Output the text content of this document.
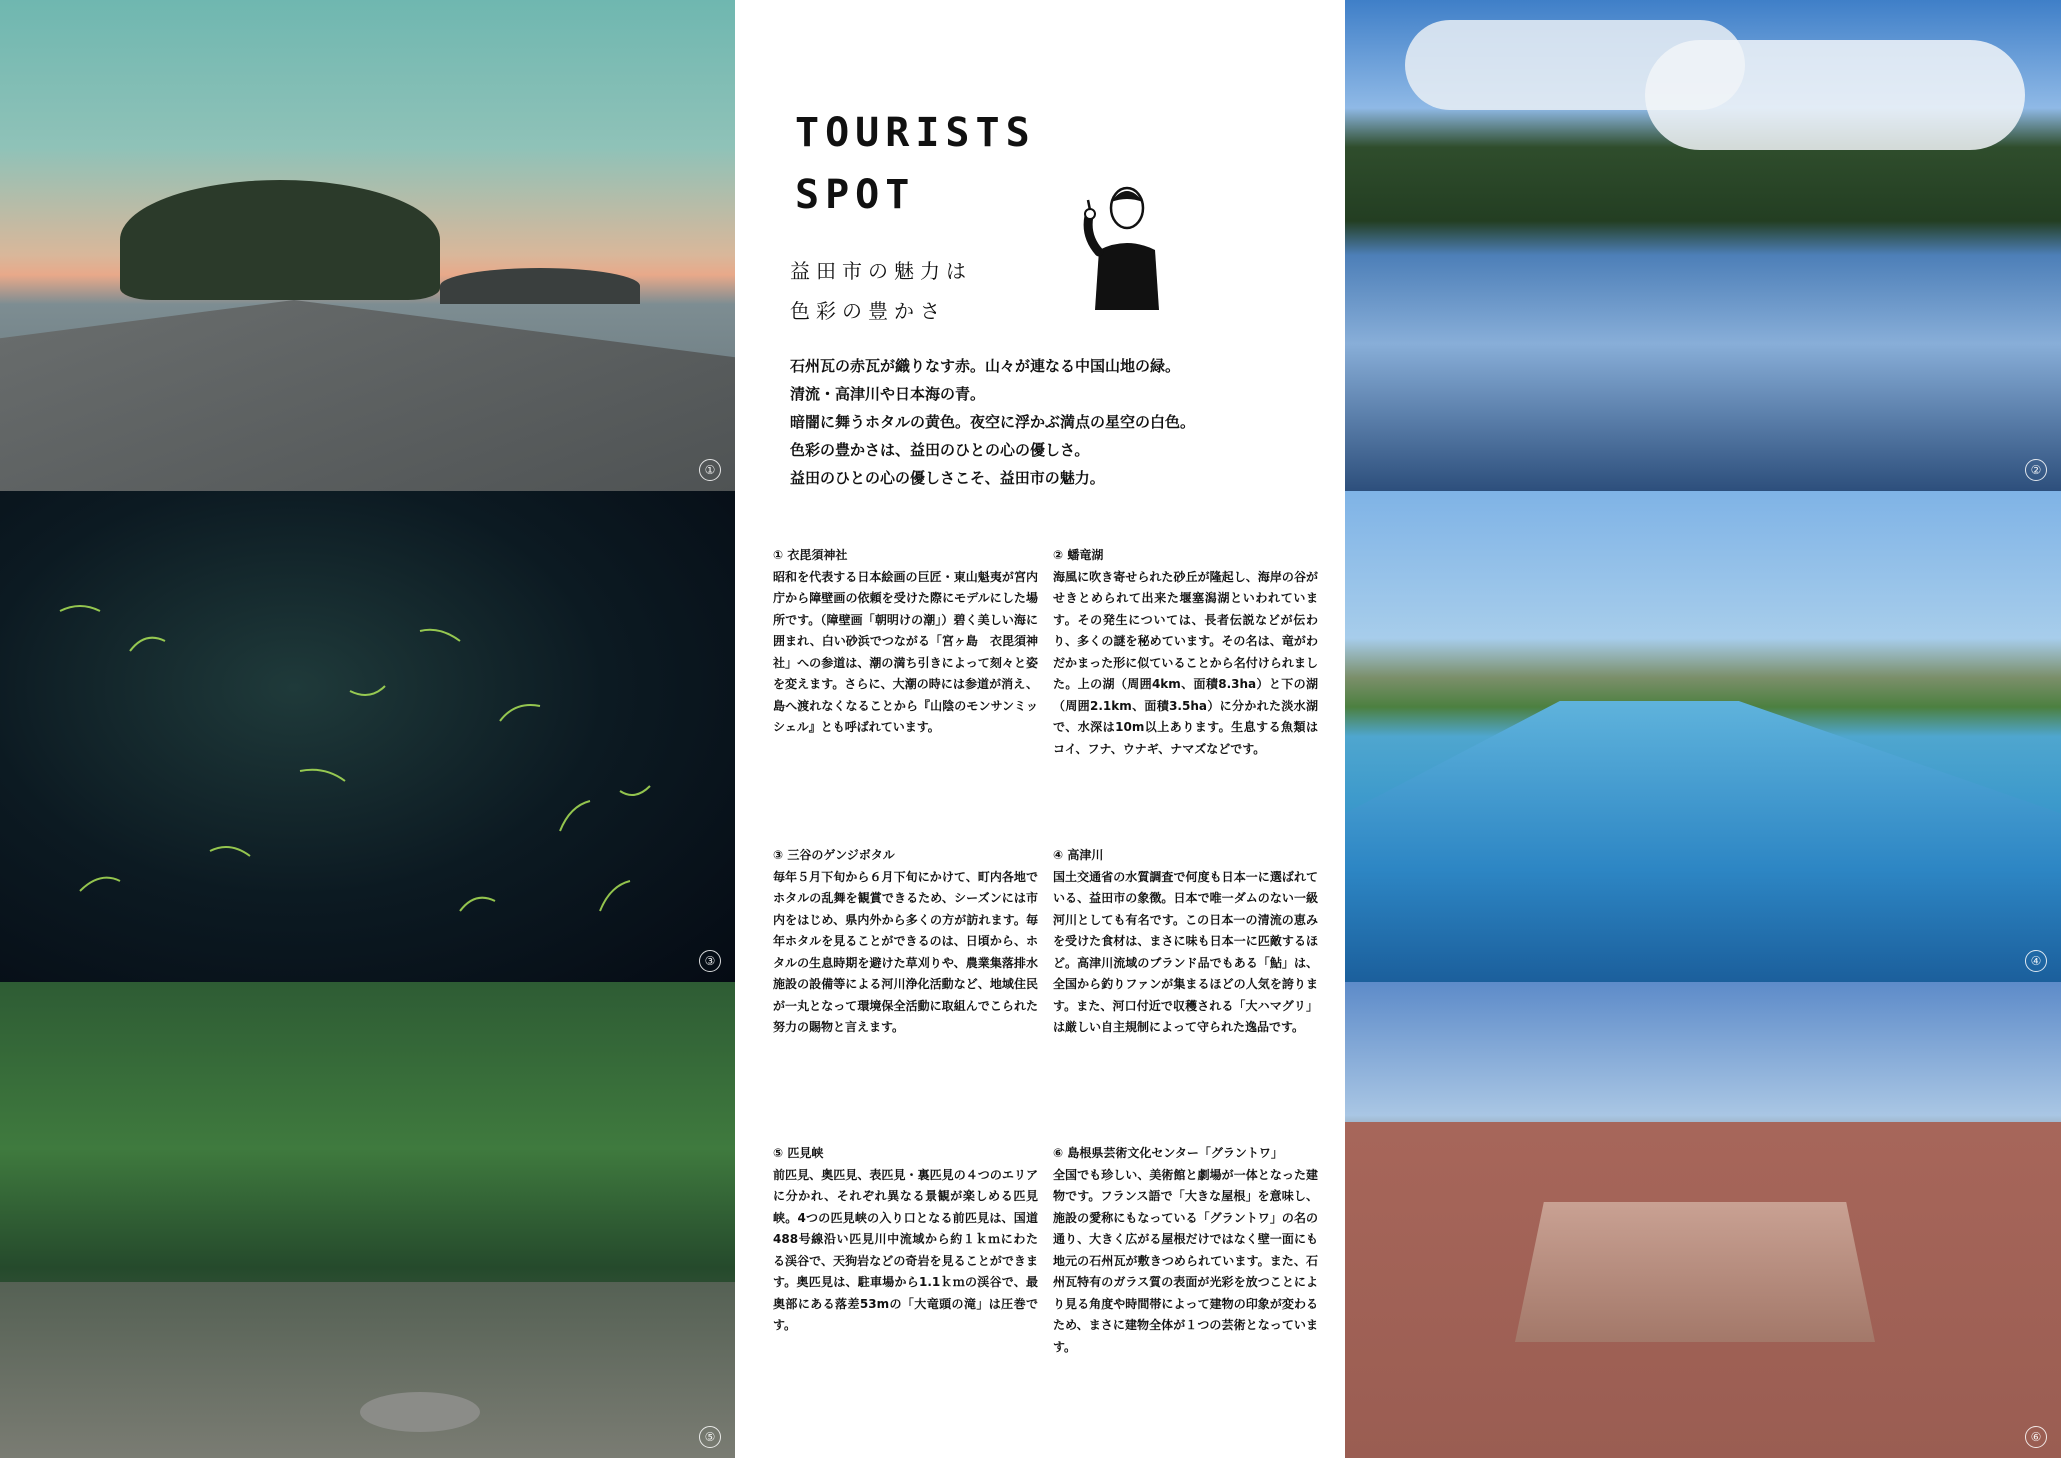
①
③
⑤
②
④
⑥
TOURISTS
SPOT
益田市の魅力は
色彩の豊かさ
石州瓦の赤瓦が織りなす赤。山々が連なる中国山地の緑。
清流・高津川や日本海の青。
暗闇に舞うホタルの黄色。夜空に浮かぶ満点の星空の白色。
色彩の豊かさは、益田のひとの心の優しさ。
益田のひとの心の優しさこそ、益田市の魅力。
① 衣毘須神社
昭和を代表する日本絵画の巨匠・東山魁夷が宮内庁から障壁画の依頼を受けた際にモデルにした場所です。（障壁画「朝明けの潮」）碧く美しい海に囲まれ、白い砂浜でつながる「宮ヶ島　衣毘須神社」への参道は、潮の満ち引きによって刻々と姿を変えます。さらに、大潮の時には参道が消え、島へ渡れなくなることから『山陰のモンサンミッシェル』とも呼ばれています。
② 蟠竜湖
海風に吹き寄せられた砂丘が隆起し、海岸の谷がせきとめられて出来た堰塞潟湖といわれています。その発生については、長者伝説などが伝わり、多くの謎を秘めています。その名は、竜がわだかまった形に似ていることから名付けられました。上の湖（周囲4km、面積8.3ha）と下の湖（周囲2.1km、面積3.5ha）に分かれた淡水湖で、水深は10m以上あります。生息する魚類はコイ、フナ、ウナギ、ナマズなどです。
③ 三谷のゲンジボタル
毎年５月下旬から６月下旬にかけて、町内各地でホタルの乱舞を観賞できるため、シーズンには市内をはじめ、県内外から多くの方が訪れます。毎年ホタルを見ることができるのは、日頃から、ホタルの生息時期を避けた草刈りや、農業集落排水施設の設備等による河川浄化活動など、地域住民が一丸となって環境保全活動に取組んでこられた努力の賜物と言えます。
④ 高津川
国土交通省の水質調査で何度も日本一に選ばれている、益田市の象徴。日本で唯一ダムのない一級河川としても有名です。この日本一の清流の恵みを受けた食材は、まさに味も日本一に匹敵するほど。高津川流域のブランド品でもある「鮎」は、全国から釣りファンが集まるほどの人気を誇ります。また、河口付近で収穫される「大ハマグリ」は厳しい自主規制によって守られた逸品です。
⑤ 匹見峡
前匹見、奥匹見、表匹見・裏匹見の４つのエリアに分かれ、それぞれ異なる景観が楽しめる匹見峡。4つの匹見峡の入り口となる前匹見は、国道488号線沿い匹見川中流域から約１ｋｍにわたる渓谷で、天狗岩などの奇岩を見ることができます。奥匹見は、駐車場から1.1ｋｍの渓谷で、最奥部にある落差53mの「大竜頭の滝」は圧巻です。
⑥ 島根県芸術文化センター「グラントワ」
全国でも珍しい、美術館と劇場が一体となった建物です。フランス語で「大きな屋根」を意味し、施設の愛称にもなっている「グラントワ」の名の通り、大きく広がる屋根だけではなく壁一面にも地元の石州瓦が敷きつめられています。また、石州瓦特有のガラス質の表面が光彩を放つことにより見る角度や時間帯によって建物の印象が変わるため、まさに建物全体が１つの芸術となっています。
